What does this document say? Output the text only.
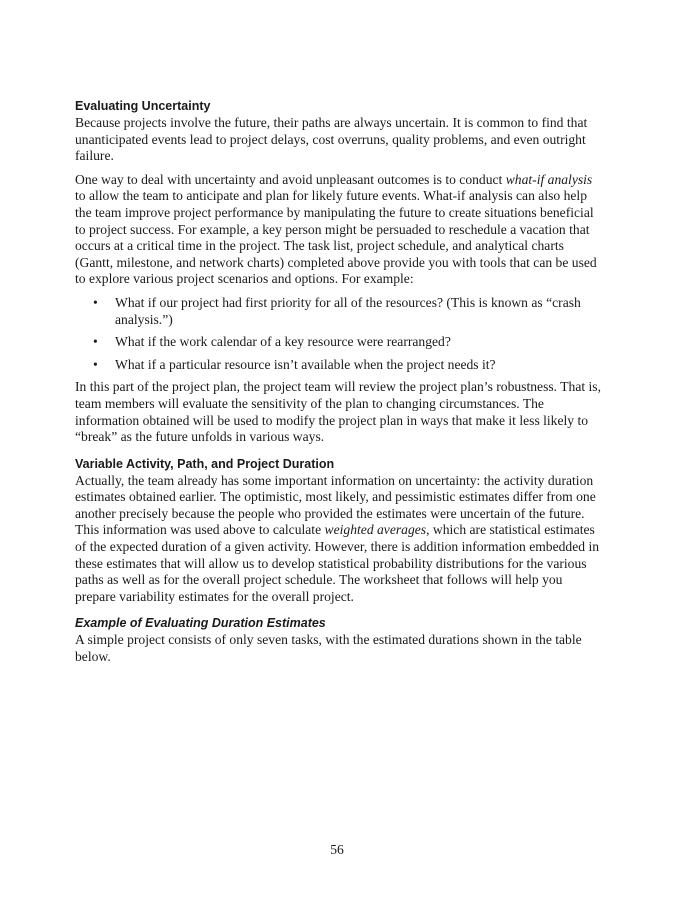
Evaluating Uncertainty

Because projects involve the future, their paths are always uncertain. It is common to find that unanticipated events lead to project delays, cost overruns, quality problems, and even outright failure.

One way to deal with uncertainty and avoid unpleasant outcomes is to conduct what-if analysis to allow the team to anticipate and plan for likely future events. What-if analysis can also help the team improve project performance by manipulating the future to create situations beneficial to project success. For example, a key person might be persuaded to reschedule a vacation that occurs at a critical time in the project. The task list, project schedule, and analytical charts (Gantt, milestone, and network charts) completed above provide you with tools that can be used to explore various project scenarios and options. For example:

• What if our project had first priority for all of the resources? (This is known as “crash analysis.”)
• What if the work calendar of a key resource were rearranged?
• What if a particular resource isn’t available when the project needs it?

In this part of the project plan, the project team will review the project plan’s robustness. That is, team members will evaluate the sensitivity of the plan to changing circumstances. The information obtained will be used to modify the project plan in ways that make it less likely to “break” as the future unfolds in various ways.

Variable Activity, Path, and Project Duration

Actually, the team already has some important information on uncertainty: the activity duration estimates obtained earlier. The optimistic, most likely, and pessimistic estimates differ from one another precisely because the people who provided the estimates were uncertain of the future. This information was used above to calculate weighted averages, which are statistical estimates of the expected duration of a given activity. However, there is addition information embedded in these estimates that will allow us to develop statistical probability distributions for the various paths as well as for the overall project schedule. The worksheet that follows will help you prepare variability estimates for the overall project.

Example of Evaluating Duration Estimates

A simple project consists of only seven tasks, with the estimated durations shown in the table below.

56
